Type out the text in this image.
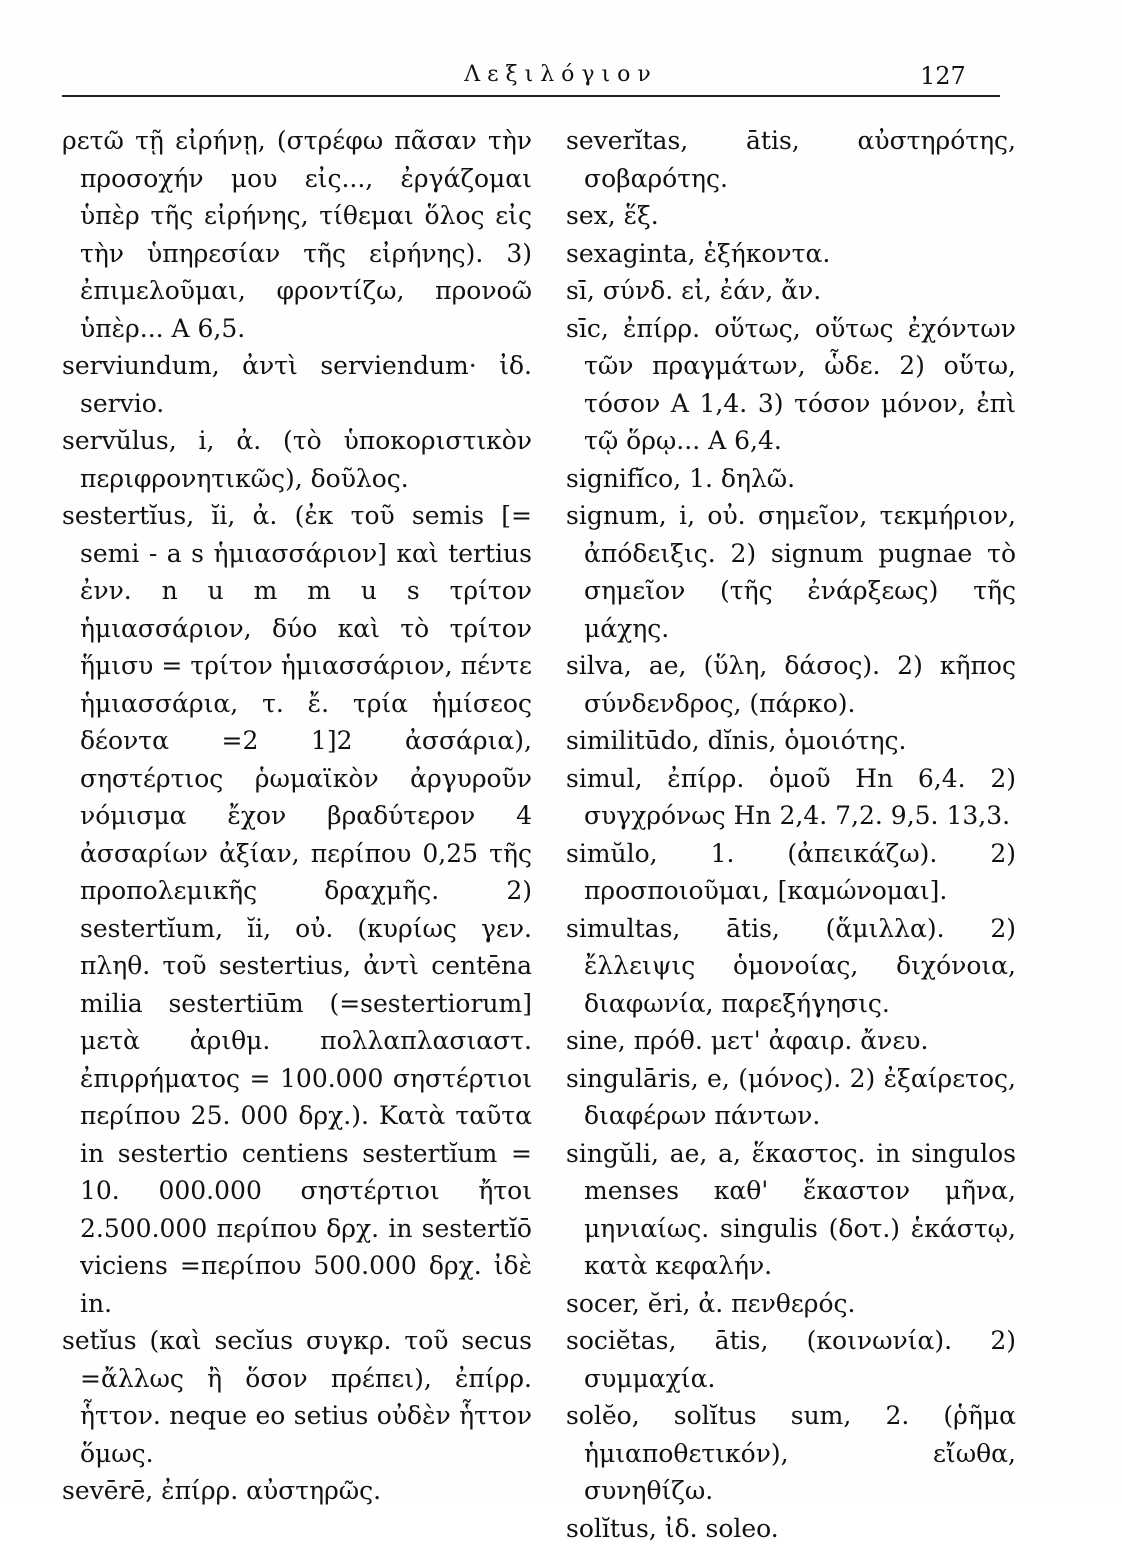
Λεξιλόγιον	127

ρετῶ τῇ εἰρήνῃ, (στρέφω πᾶσαν τὴν προσοχήν μου εἰς..., ἐργάζομαι ὑπὲρ τῆς εἰρήνης, τίθεμαι ὅλος εἰς τὴν ὑπηρεσίαν τῆς εἰρήνης). 3) ἐπιμελοῦμαι, φροντίζω, προνοῶ ὑπὲρ... Α 6,5.

serviundum, ἀντὶ serviendum· ἰδ. servio.

servŭlus, i, ἀ. (τὸ ὑποκοριστικὸν περιφρονητικῶς), δοῦλος.

sestertĭus, ĭi, ἀ. (ἐκ τοῦ semis [= semi - a s ἡμιασσάριον] καὶ tertius ἐνν. n u m m u s τρίτον ἡμιασσάριον, δύο καὶ τὸ τρίτον ἥμισυ = τρίτον ἡμιασσάριον, πέντε ἡμιασσάρια, τ. ἔ. τρία ἡμίσεος δέοντα =2 1]2 ἀσσάρια), σηστέρτιος ῥωμαϊκὸν ἀργυροῦν νόμισμα ἔχον βραδύτερον 4 ἀσσαρίων ἀξίαν, περίπου 0,25 τῆς προπολεμικῆς δραχμῆς. 2) sestertĭum, ĭi, οὐ. (κυρίως γεν. πληθ. τοῦ sestertius, ἀντὶ centēna milia sestertiūm (=sestertiorum] μετὰ ἀριθμ. πολλαπλασιαστ. ἐπιρρήματος = 100.000 σηστέρτιοι περίπου 25. 000 δρχ.). Κατὰ ταῦτα in sestertio centiens sestertĭum = 10. 000.000 σηστέρτιοι ἤτοι 2.500.000 περίπου δρχ. in sestertĭō viciens =περίπου 500.000 δρχ. ἰδὲ in.

setĭus (καὶ secĭus συγκρ. τοῦ secus =ἄλλως ἢ ὅσον πρέπει), ἐπίρρ. ἧττον. neque eo setius οὐδὲν ἧττον ὅμως.

sevērē, ἐπίρρ. αὐστηρῶς.

severĭtas, ātis, αὐστηρότης, σοβαρότης.

sex, ἕξ.

sexaginta, ἑξήκοντα.

sī, σύνδ. εἰ, ἐάν, ἄν.

sīc, ἐπίρρ. οὕτως, οὕτως ἐχόντων τῶν πραγμάτων, ὧδε. 2) οὕτω, τόσον Α 1,4. 3) τόσον μόνον, ἐπὶ τῷ ὅρῳ... Α 6,4.

signifĭco, 1. δηλῶ.

signum, i, οὐ. σημεῖον, τεκμήριον, ἀπόδειξις. 2) signum pugnae τὸ σημεῖον (τῆς ἐνάρξεως) τῆς μάχης.

silva, ae, (ὕλη, δάσος). 2) κῆπος σύνδενδρος, (πάρκο).

similitūdo, dĭnis, ὁμοιότης.

simul, ἐπίρρ. ὁμοῦ Hn 6,4. 2) συγχρόνως Hn 2,4. 7,2. 9,5. 13,3.

simŭlo, 1. (ἀπεικάζω). 2) προσποιοῦμαι, [καμώνομαι].

simultas, ātis, (ἅμιλλα). 2) ἔλλειψις ὁμονοίας, διχόνοια, διαφωνία, παρεξήγησις.

sine, πρόθ. μετ' ἀφαιρ. ἄνευ.

singulāris, e, (μόνος). 2) ἐξαίρετος, διαφέρων πάντων.

singŭli, ae, a, ἕκαστος. in singulos menses καθ' ἕκαστον μῆνα, μηνιαίως. singulis (δοτ.) ἑκάστῳ, κατὰ κεφαλήν.

socer, ĕri, ἀ. πενθερός.

sociĕtas, ātis, (κοινωνία). 2) συμμαχία.

solĕo, solĭtus sum, 2. (ῥῆμα ἡμιαποθετικόν), εἴωθα, συνηθίζω.

solĭtus, ἰδ. soleo.
